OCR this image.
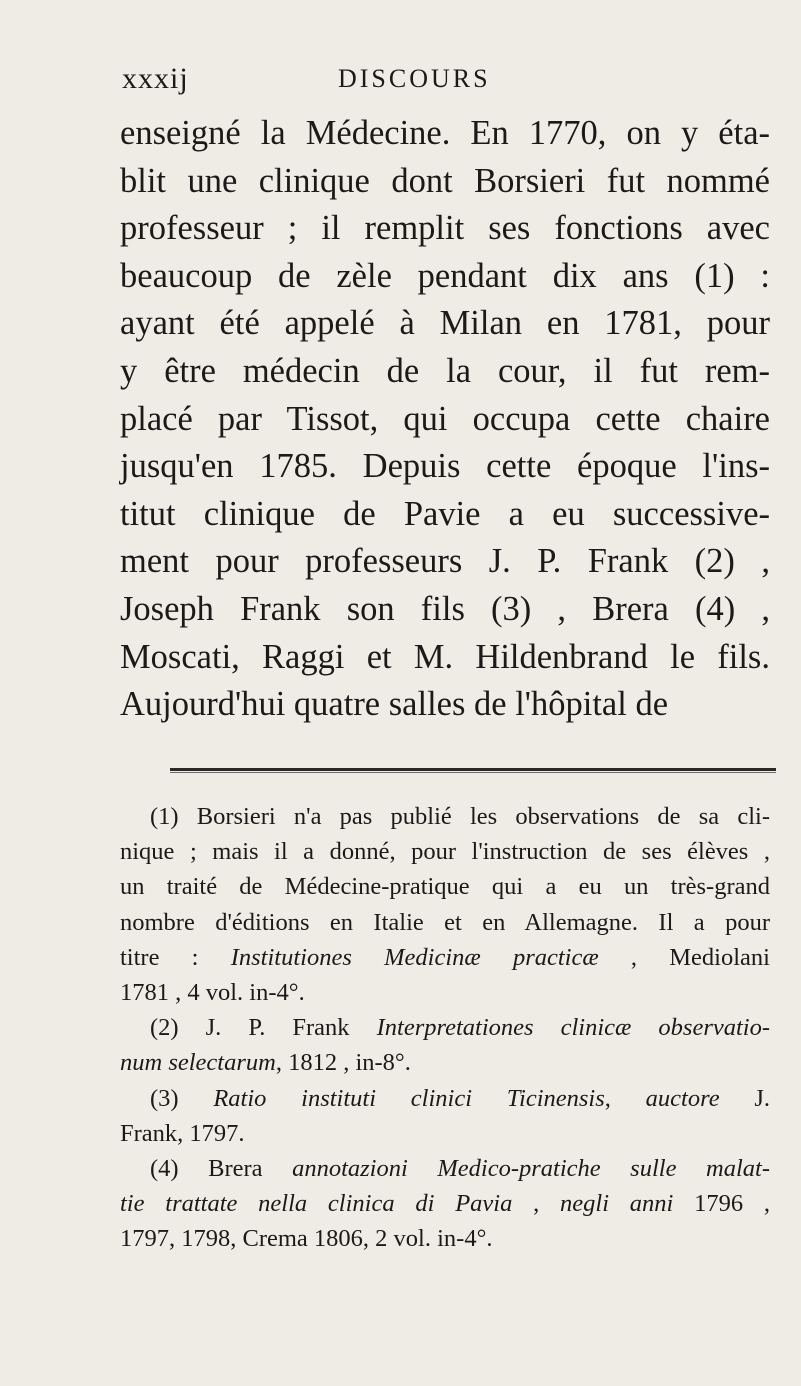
xxxij	DISCOURS
enseigné la Médecine. En 1770, on y éta-
blit une clinique dont Borsieri fut nommé
professeur ; il remplit ses fonctions avec
beaucoup de zèle pendant dix ans (1) :
ayant été appelé à Milan en 1781, pour
y être médecin de la cour, il fut rem-
placé par Tissot, qui occupa cette chaire
jusqu'en 1785. Depuis cette époque l'ins-
titut clinique de Pavie a eu successive-
ment pour professeurs J. P. Frank (2) ,
Joseph Frank son fils (3) , Brera (4) ,
Moscati, Raggi et M. Hildenbrand le fils.
Aujourd'hui quatre salles de l'hôpital de
(1) Borsieri n'a pas publié les observations de sa cli-
nique ; mais il a donné, pour l'instruction de ses élèves ,
un traité de Médecine-pratique qui a eu un très-grand
nombre d'éditions en Italie et en Allemagne. Il a pour
titre : Institutiones Medicinæ practicæ , Mediolani
1781 , 4 vol. in-4°.
(2) J. P. Frank Interpretationes clinicæ observatio-
num selectarum, 1812 , in-8°.
(3) Ratio instituti clinici Ticinensis, auctore J.
Frank, 1797.
(4) Brera annotazioni Medico-pratiche sulle malat-
tie trattate nella clinica di Pavia , negli anni 1796 ,
1797, 1798, Crema 1806, 2 vol. in-4°.
